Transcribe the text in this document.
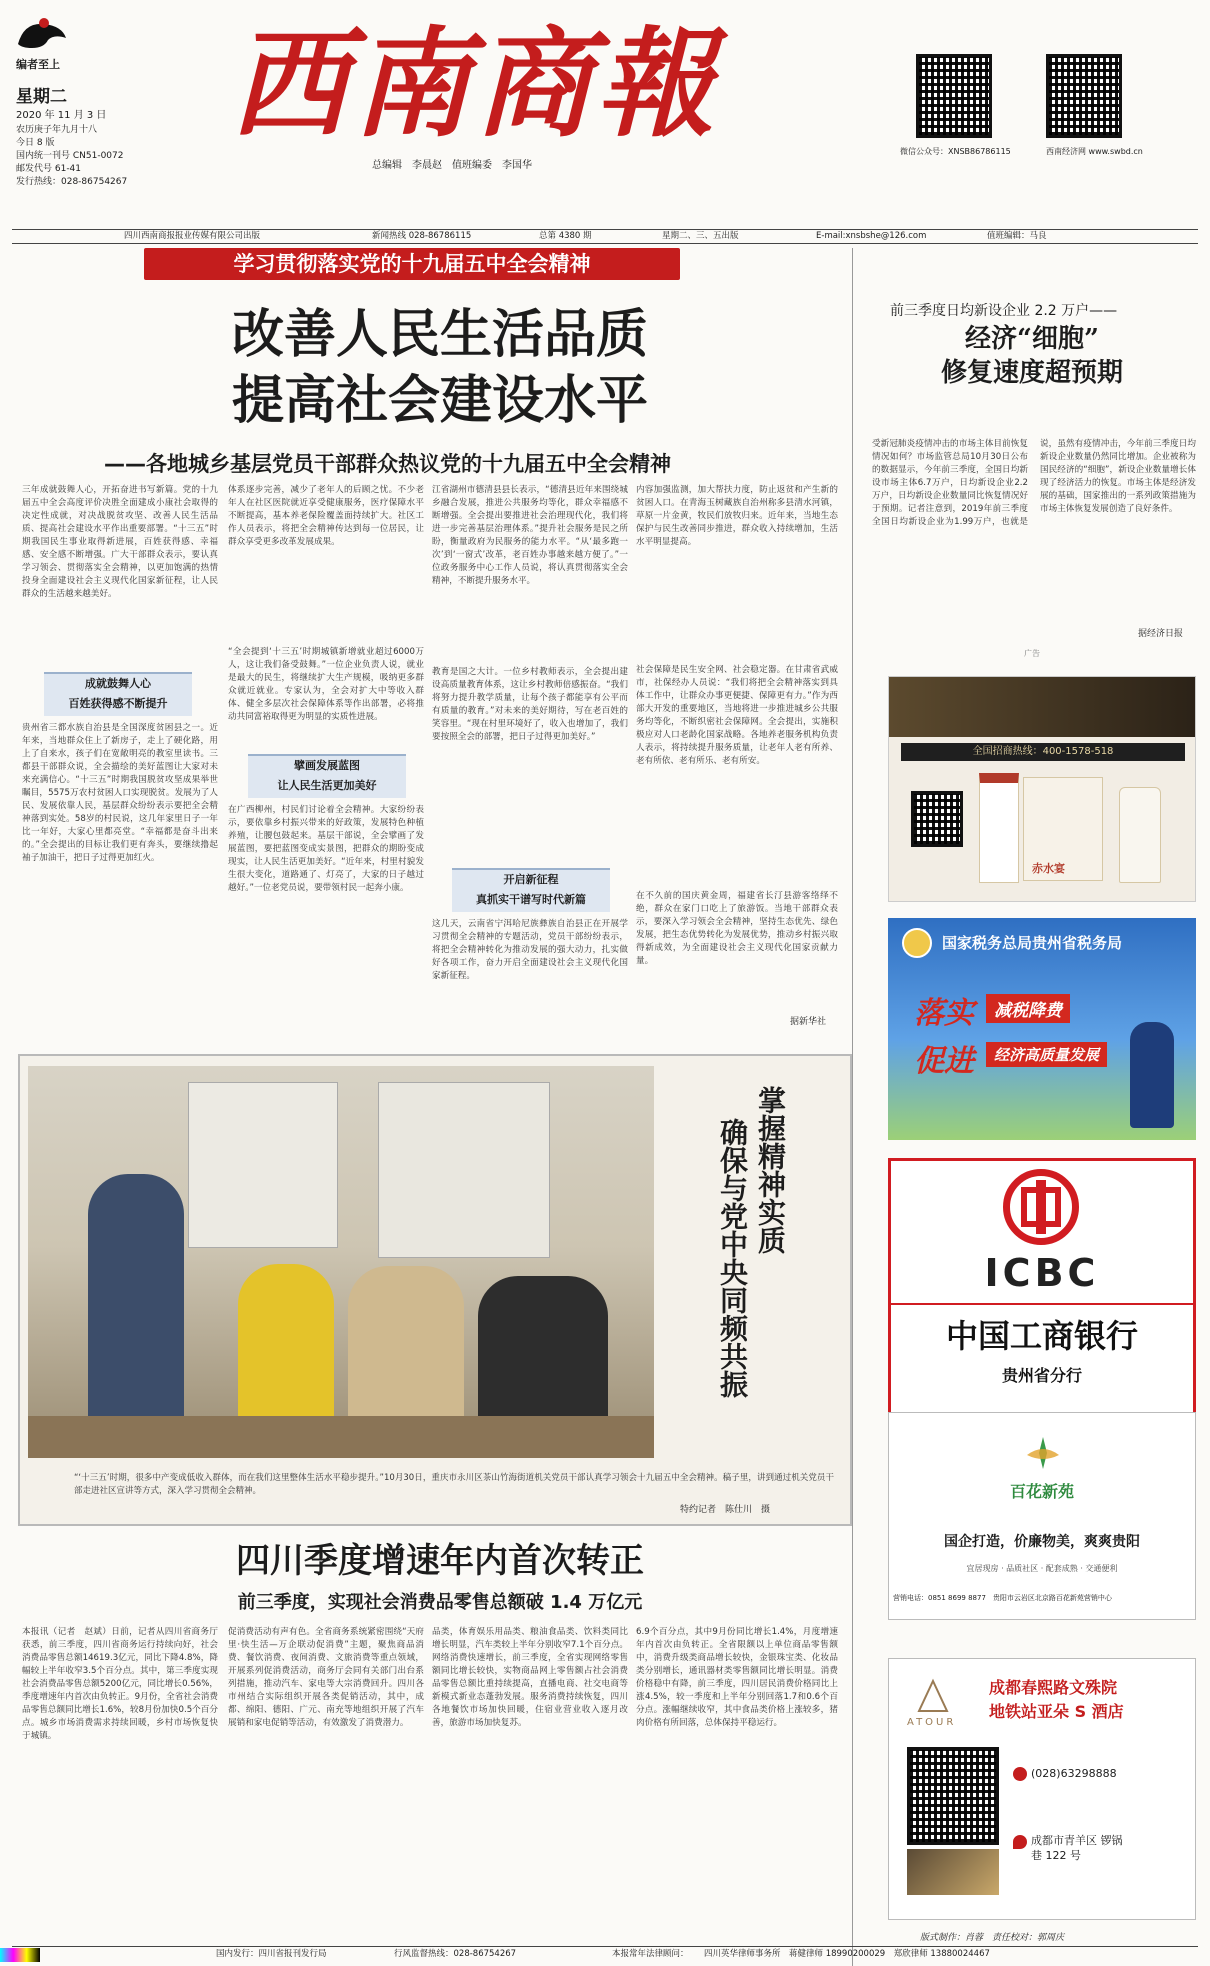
编者至上
星期二
2020 年 11 月 3 日
农历庚子年九月十八
今日 8 版
国内统一刊号 CN51-0072
邮发代号 61-41
发行热线：028-86754267
西南商報
总编辑　李晨赵　值班编委　李国华
微信公众号：XNSB86786115	西南经济网 www.swbd.cn
四川西南商报报业传媒有限公司出版	新闻热线 028-86786115	总第 4380 期	星期二、三、五出版	E-mail:xnsbshe@126.com	值班编辑：马良
学习贯彻落实党的十九届五中全会精神
改善人民生活品质
提高社会建设水平
——各地城乡基层党员干部群众热议党的十九届五中全会精神
三年成就鼓舞人心，开拓奋进书写新篇。党的十九届五中全会高度评价决胜全面建成小康社会取得的决定性成就，对决战脱贫攻坚、改善人民生活品质、提高社会建设水平作出重要部署。“十三五”时期我国民生事业取得新进展，百姓获得感、幸福感、安全感不断增强。广大干部群众表示，要认真学习领会、贯彻落实全会精神，以更加饱满的热情投身全面建设社会主义现代化国家新征程，让人民群众的生活越来越美好。
成就鼓舞人心
百姓获得感不断提升
贵州省三都水族自治县是全国深度贫困县之一。近年来，当地群众住上了新房子，走上了硬化路，用上了自来水，孩子们在宽敞明亮的教室里读书。三都县干部群众说，全会描绘的美好蓝图让大家对未来充满信心。“十三五”时期我国脱贫攻坚成果举世瞩目，5575万农村贫困人口实现脱贫。发展为了人民、发展依靠人民，基层群众纷纷表示要把全会精神落到实处。58岁的村民说，这几年家里日子一年比一年好，大家心里都亮堂。“幸福都是奋斗出来的。”全会提出的目标让我们更有奔头，要继续撸起袖子加油干，把日子过得更加红火。
体系逐步完善，减少了老年人的后顾之忧。不少老年人在社区医院就近享受健康服务，医疗保障水平不断提高，基本养老保险覆盖面持续扩大。社区工作人员表示，将把全会精神传达到每一位居民，让群众享受更多改革发展成果。
“全会提到‘十三五’时期城镇新增就业超过6000万人，这让我们备受鼓舞。”一位企业负责人说，就业是最大的民生，将继续扩大生产规模，吸纳更多群众就近就业。专家认为，全会对扩大中等收入群体、健全多层次社会保障体系等作出部署，必将推动共同富裕取得更为明显的实质性进展。
擘画发展蓝图
让人民生活更加美好
在广西柳州，村民们讨论着全会精神。大家纷纷表示，要依靠乡村振兴带来的好政策，发展特色种植养殖，让腰包鼓起来。基层干部说，全会擘画了发展蓝图，要把蓝图变成实景图，把群众的期盼变成现实，让人民生活更加美好。“近年来，村里村貌发生很大变化，道路通了、灯亮了，大家的日子越过越好。”一位老党员说，要带领村民一起奔小康。
江省湖州市德清县县长表示，“德清县近年来围绕城乡融合发展，推进公共服务均等化，群众幸福感不断增强。全会提出要推进社会治理现代化，我们将进一步完善基层治理体系。”提升社会服务是民之所盼，衡量政府为民服务的能力水平。“从‘最多跑一次’到‘一窗式’改革，老百姓办事越来越方便了。”一位政务服务中心工作人员说，将认真贯彻落实全会精神，不断提升服务水平。
教育是国之大计。一位乡村教师表示，全会提出建设高质量教育体系，这让乡村教师倍感振奋。“我们将努力提升教学质量，让每个孩子都能享有公平而有质量的教育。”对未来的美好期待，写在老百姓的笑容里。“现在村里环境好了，收入也增加了，我们要按照全会的部署，把日子过得更加美好。”
开启新征程
真抓实干谱写时代新篇
这几天，云南省宁洱哈尼族彝族自治县正在开展学习贯彻全会精神的专题活动，党员干部纷纷表示，将把全会精神转化为推动发展的强大动力，扎实做好各项工作，奋力开启全面建设社会主义现代化国家新征程。
内容加强监测，加大帮扶力度，防止返贫和产生新的贫困人口。在青海玉树藏族自治州称多县清水河镇，草原一片金黄，牧民们放牧归来。近年来，当地生态保护与民生改善同步推进，群众收入持续增加，生活水平明显提高。
社会保障是民生安全网、社会稳定器。在甘肃省武威市，社保经办人员说：“我们将把全会精神落实到具体工作中，让群众办事更便捷、保障更有力。”作为西部大开发的重要地区，当地将进一步推进城乡公共服务均等化，不断织密社会保障网。全会提出，实施积极应对人口老龄化国家战略。各地养老服务机构负责人表示，将持续提升服务质量，让老年人老有所养、老有所依、老有所乐、老有所安。
在不久前的国庆黄金周，福建省长汀县游客络绎不绝，群众在家门口吃上了旅游饭。当地干部群众表示，要深入学习领会全会精神，坚持生态优先、绿色发展，把生态优势转化为发展优势，推动乡村振兴取得新成效，为全面建设社会主义现代化国家贡献力量。
据新华社
前三季度日均新设企业 2.2 万户——
经济“细胞”
修复速度超预期
受新冠肺炎疫情冲击的市场主体目前恢复情况如何？市场监管总局10月30日公布的数据显示，今年前三季度，全国日均新设市场主体6.7万户，日均新设企业2.2万户，日均新设企业数量同比恢复情况好于预期。记者注意到，2019年前三季度全国日均新设企业为1.99万户，也就是说，虽然有疫情冲击，今年前三季度日均新设企业数量仍然同比增加。企业被称为国民经济的“细胞”，新设企业数量增长体现了经济活力的恢复。市场主体是经济发展的基础，国家推出的一系列政策措施为市场主体恢复发展创造了良好条件。
据经济日报
广告
全国招商热线：400-1578-518
赤水宴
国家税务总局贵州省税务局
落实	减税降费
促进	经济高质量发展
ICBC
中国工商银行
贵州省分行
百花新苑
国企打造，价廉物美，爽爽贵阳
宜居现房 · 品质社区 · 配套成熟 · 交通便利
营销电话：0851 8699 8877　贵阳市云岩区北京路百花新苑营销中心
ATOUR
成都春熙路文殊院
地铁站亚朵 S 酒店
(028)63298888
成都市青羊区 锣锅巷 122 号
掌握精神实质
确保与党中央同频共振
“‘十三五’时期，很多中产变成低收入群体，而在我们这里整体生活水平稳步提升。”10月30日，重庆市永川区茶山竹海街道机关党员干部认真学习领会十九届五中全会精神。稿子里，讲到通过机关党员干部走进社区宣讲等方式，深入学习贯彻全会精神。
特约记者　陈仕川　摄
四川季度增速年内首次转正
前三季度，实现社会消费品零售总额破 1.4 万亿元
本报讯（记者　赵斌）日前，记者从四川省商务厅获悉，前三季度，四川省商务运行持续向好，社会消费品零售总额14619.3亿元，同比下降4.8%，降幅较上半年收窄3.5个百分点。其中，第三季度实现社会消费品零售总额5200亿元，同比增长0.56%，季度增速年内首次由负转正。9月份，全省社会消费品零售总额同比增长1.6%，较8月份加快0.5个百分点。城乡市场消费需求持续回暖，乡村市场恢复快于城镇。
促消费活动有声有色。全省商务系统紧密围绕“天府里·快生活—万企联动促消费”主题，聚焦商品消费、餐饮消费、夜间消费、文旅消费等重点领域，开展系列促消费活动，商务厅会同有关部门出台系列措施，推动汽车、家电等大宗消费回升。四川各市州结合实际组织开展各类促销活动，其中，成都、绵阳、德阳、广元、南充等地组织开展了汽车展销和家电促销等活动，有效激发了消费潜力。
品类，体育娱乐用品类、粮油食品类、饮料类同比增长明显，汽车类较上半年分别收窄7.1个百分点。网络消费快速增长，前三季度，全省实现网络零售额同比增长较快，实物商品网上零售额占社会消费品零售总额比重持续提高，直播电商、社交电商等新模式新业态蓬勃发展。服务消费持续恢复，四川各地餐饮市场加快回暖，住宿业营业收入逐月改善，旅游市场加快复苏。
6.9个百分点，其中9月份同比增长1.4%，月度增速年内首次由负转正。全省限额以上单位商品零售额中，消费升级类商品增长较快，金银珠宝类、化妆品类分别增长，通讯器材类零售额同比增长明显。消费价格稳中有降，前三季度，四川居民消费价格同比上涨4.5%，较一季度和上半年分别回落1.7和0.6个百分点。涨幅继续收窄，其中食品类价格上涨较多，猪肉价格有所回落，总体保持平稳运行。
版式制作：肖蓉　责任校对：郭周庆
国内发行：四川省报刊发行局	行风监督热线：028-86754267	本报常年法律顾问： 四川英华律师事务所　蒋健律师 18990200029　郑欣律师 13880024467
